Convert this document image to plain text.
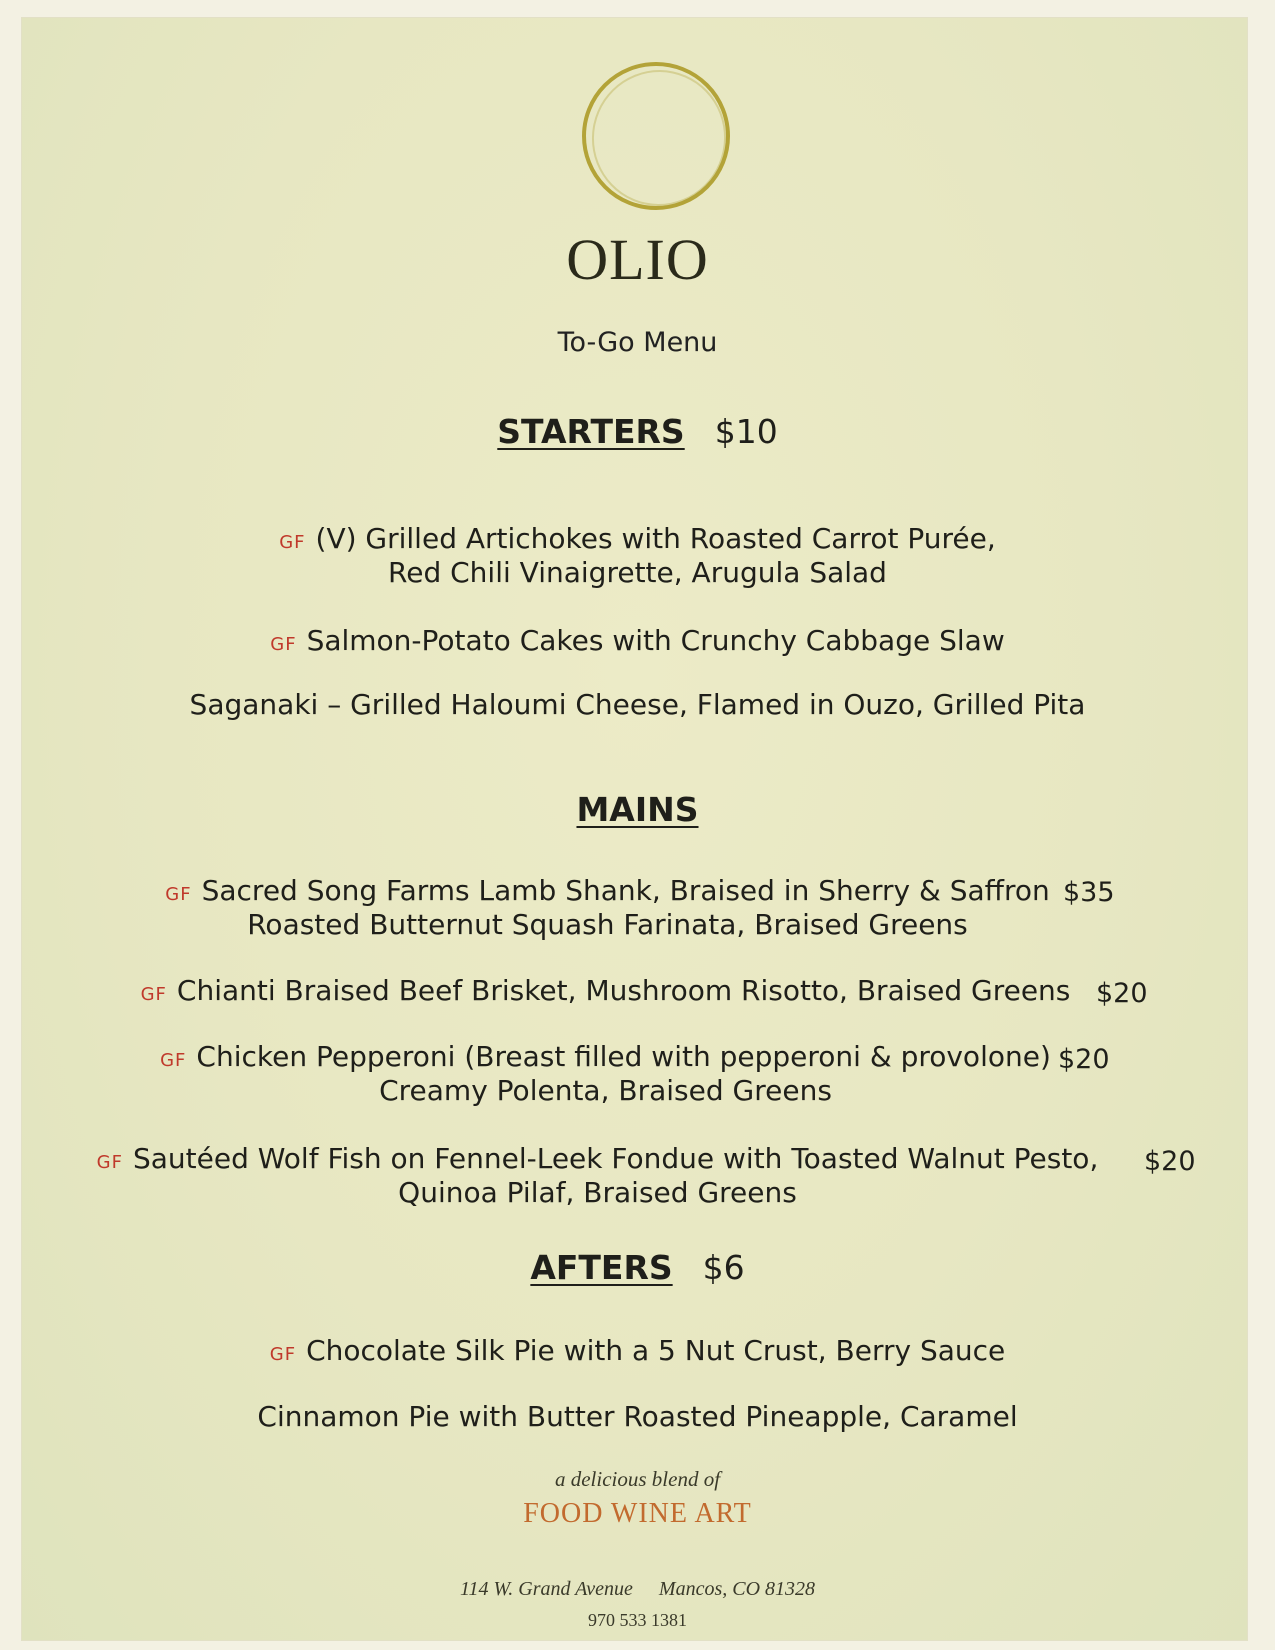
OLIO
To-Go Menu
STARTERS $10
GF (V) Grilled Artichokes with Roasted Carrot Purée,
Red Chili Vinaigrette, Arugula Salad
GF Salmon-Potato Cakes with Crunchy Cabbage Slaw
Saganaki – Grilled Haloumi Cheese, Flamed in Ouzo, Grilled Pita
MAINS
GF Sacred Song Farms Lamb Shank, Braised in Sherry & Saffron
Roasted Butternut Squash Farinata, Braised Greens
$35
GF Chianti Braised Beef Brisket, Mushroom Risotto, Braised Greens $20
GF Chicken Pepperoni (Breast filled with pepperoni & provolone)
Creamy Polenta, Braised Greens
$20
GF Sautéed Wolf Fish on Fennel-Leek Fondue with Toasted Walnut Pesto,
Quinoa Pilaf, Braised Greens
$20
AFTERS $6
GF Chocolate Silk Pie with a 5 Nut Crust, Berry Sauce
Cinnamon Pie with Butter Roasted Pineapple, Caramel
a delicious blend of
FOOD WINE ART
114 W. Grand Avenue Mancos, CO 81328
970 533 1381
